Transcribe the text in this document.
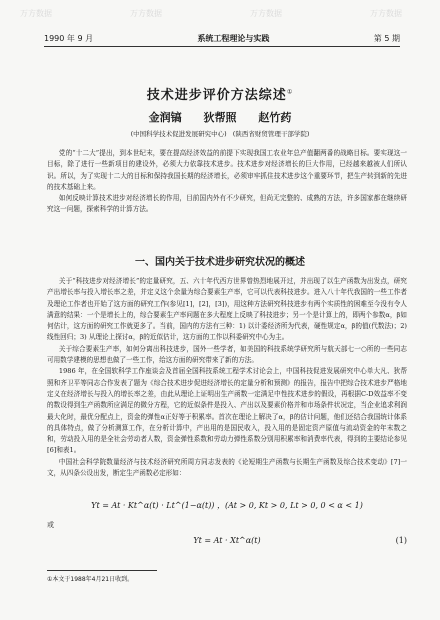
万方数据	万方数据	万方数据	万方数据
1990 年 9 月	系统工程理论与实践	第 5 期
技术进步评价方法综述①
金润镐 狄帮照 赵竹药
(中国科学技术促进发展研究中心) (陕西省财贸管理干部学院)

党的“十二大”提出，到本世纪末，要在提高经济效益的前提下实现我国工农业年总产值翻两番的战略目标。要实现这一目标，除了进行一些新项目的建设外，必须大力依靠技术进步。技术进步对经济增长的巨大作用，已经越来越被人们所认识。所以，为了实现十二大的目标和保持我国长期的经济增长，必须审牢抓住技术进步这个重要环节，把生产转到新的先进的技术基础上来。

如何反映计算技术进步对经济增长的作用，目前国内外有不少研究，但尚无完整的、成熟的方法，许多国家都在继续研究这一问题，探索科学的计算方法。

一、国内关于技术进步研究状况的概述

关于“科技进步对经济增长”的定量研究，五、六十年代西方世界曾热烈地展开过，并出现了以生产函数为出发点，研究产出增长率与投入增长率之差，并定义这个余量为综合要素生产率，它可以代表科技进步。进入八十年代我国的一些工作者及理论工作者也开始了这方面的研究工作(参见[1]，[2]，[3])，用这种方法研究科技进步有两个实质性的困难至今没有令人满意的结果：一个是增长上的，综合要素生产率问题在多大程度上反映了科技进步；另一个是计算上的，即两个参数α，β如何估计，这方面的研究工作就更多了。当前，国内的方法有三种：1) 以计委经济所为代表，硬性规定α，β的值(代数法)；2) 线性回归；3) 从理论上探讨α，β的近似估计，这方面的工作以科委研究中心为主。

关于综合要素生产率，如何分离出科技进步，国外一些学者，如美国的科技系统学研究所与航天部七一○所的一些同志可用数学建模的思想也做了一些工作，给这方面的研究带来了新的方法。

1986 年，在全国软科学工作座谈会及首届全国科技系统工程学术讨论会上，中国科技促进发展研究中心单大凡、狄帮照和齐卫平等同志合作发表了题为《综合技术进步促进经济增长的定量分析和预测》的报告，报告中把综合技术进步严格地定义在经济增长与投入的增长率之差，由此从理论上证明出生产函数一定满足中性技术进步的假设，再根据C-D效益率不变的数设得到生产函数所应满足的微分方程，它的近似条件是投入、产出以及要素价格并和市场条件状况定，当企业追求利润最大化时，最优分配点上，资金的弹性α正好等于积累率。首次在理论上解决了α，β的估计问题，他们还结合我国统计体系的具体特点，做了分析测算工作，在分析计算中，产出用的是国民收入，投入用的是固定资产原值与流动资金的年末数之和，劳动投入用的是全社会劳动者人数，资金弹性系数和劳动力弹性系数分别用积累率和消费率代表，得到的主要结论参见[6]和表1。

中国社会科学院数量经济与技术经济研究所周方同志发表的《论短期生产函数与长期生产函数及综合技术变动》[7]一文，从四条公设出发，断定生产函数必定形如：

Yt = At · Kt^α(t) · Lt^(1−α(t)) ，(At > 0, Kt > 0, Lt > 0, 0 < α < 1)
或
Yt = At · Xt^α(t)	(1)
①本文于1988年4月21日收到。
